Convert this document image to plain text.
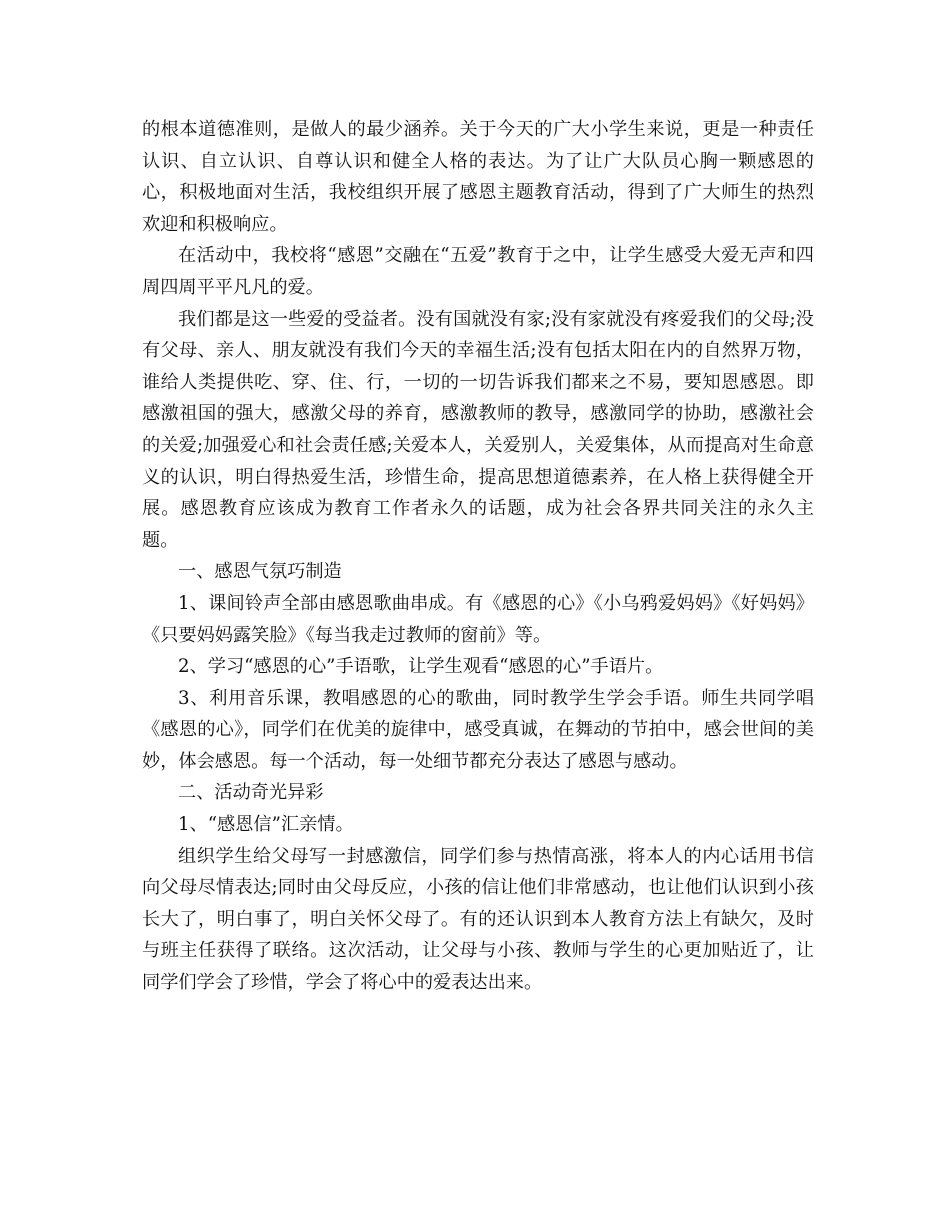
的根本道德准则，是做人的最少涵养。关于今天的广大小学生来说，更是一种责任认识、自立认识、自尊认识和健全人格的表达。为了让广大队员心胸一颗感恩的心，积极地面对生活，我校组织开展了感恩主题教育活动，得到了广大师生的热烈欢迎和积极响应。

在活动中，我校将“感恩”交融在“五爱”教育于之中，让学生感受大爱无声和四周四周平平凡凡的爱。

我们都是这一些爱的受益者。没有国就没有家;没有家就没有疼爱我们的父母;没有父母、亲人、朋友就没有我们今天的幸福生活;没有包括太阳在内的自然界万物，谁给人类提供吃、穿、住、行，一切的一切告诉我们都来之不易，要知恩感恩。即感激祖国的强大，感激父母的养育，感激教师的教导，感激同学的协助，感激社会的关爱;加强爱心和社会责任感;关爱本人，关爱别人，关爱集体，从而提高对生命意义的认识，明白得热爱生活，珍惜生命，提高思想道德素养，在人格上获得健全开展。感恩教育应该成为教育工作者永久的话题，成为社会各界共同关注的永久主题。

一、感恩气氛巧制造

1、课间铃声全部由感恩歌曲串成。有《感恩的心》《小乌鸦爱妈妈》《好妈妈》《只要妈妈露笑脸》《每当我走过教师的窗前》等。

2、学习“感恩的心”手语歌，让学生观看“感恩的心”手语片。

3、利用音乐课，教唱感恩的心的歌曲，同时教学生学会手语。师生共同学唱《感恩的心》，同学们在优美的旋律中，感受真诚，在舞动的节拍中，感会世间的美妙，体会感恩。每一个活动，每一处细节都充分表达了感恩与感动。

二、活动奇光异彩

1、“感恩信”汇亲情。

组织学生给父母写一封感激信，同学们参与热情高涨，将本人的内心话用书信向父母尽情表达;同时由父母反应，小孩的信让他们非常感动，也让他们认识到小孩长大了，明白事了，明白关怀父母了。有的还认识到本人教育方法上有缺欠，及时与班主任获得了联络。这次活动，让父母与小孩、教师与学生的心更加贴近了，让同学们学会了珍惜，学会了将心中的爱表达出来。
